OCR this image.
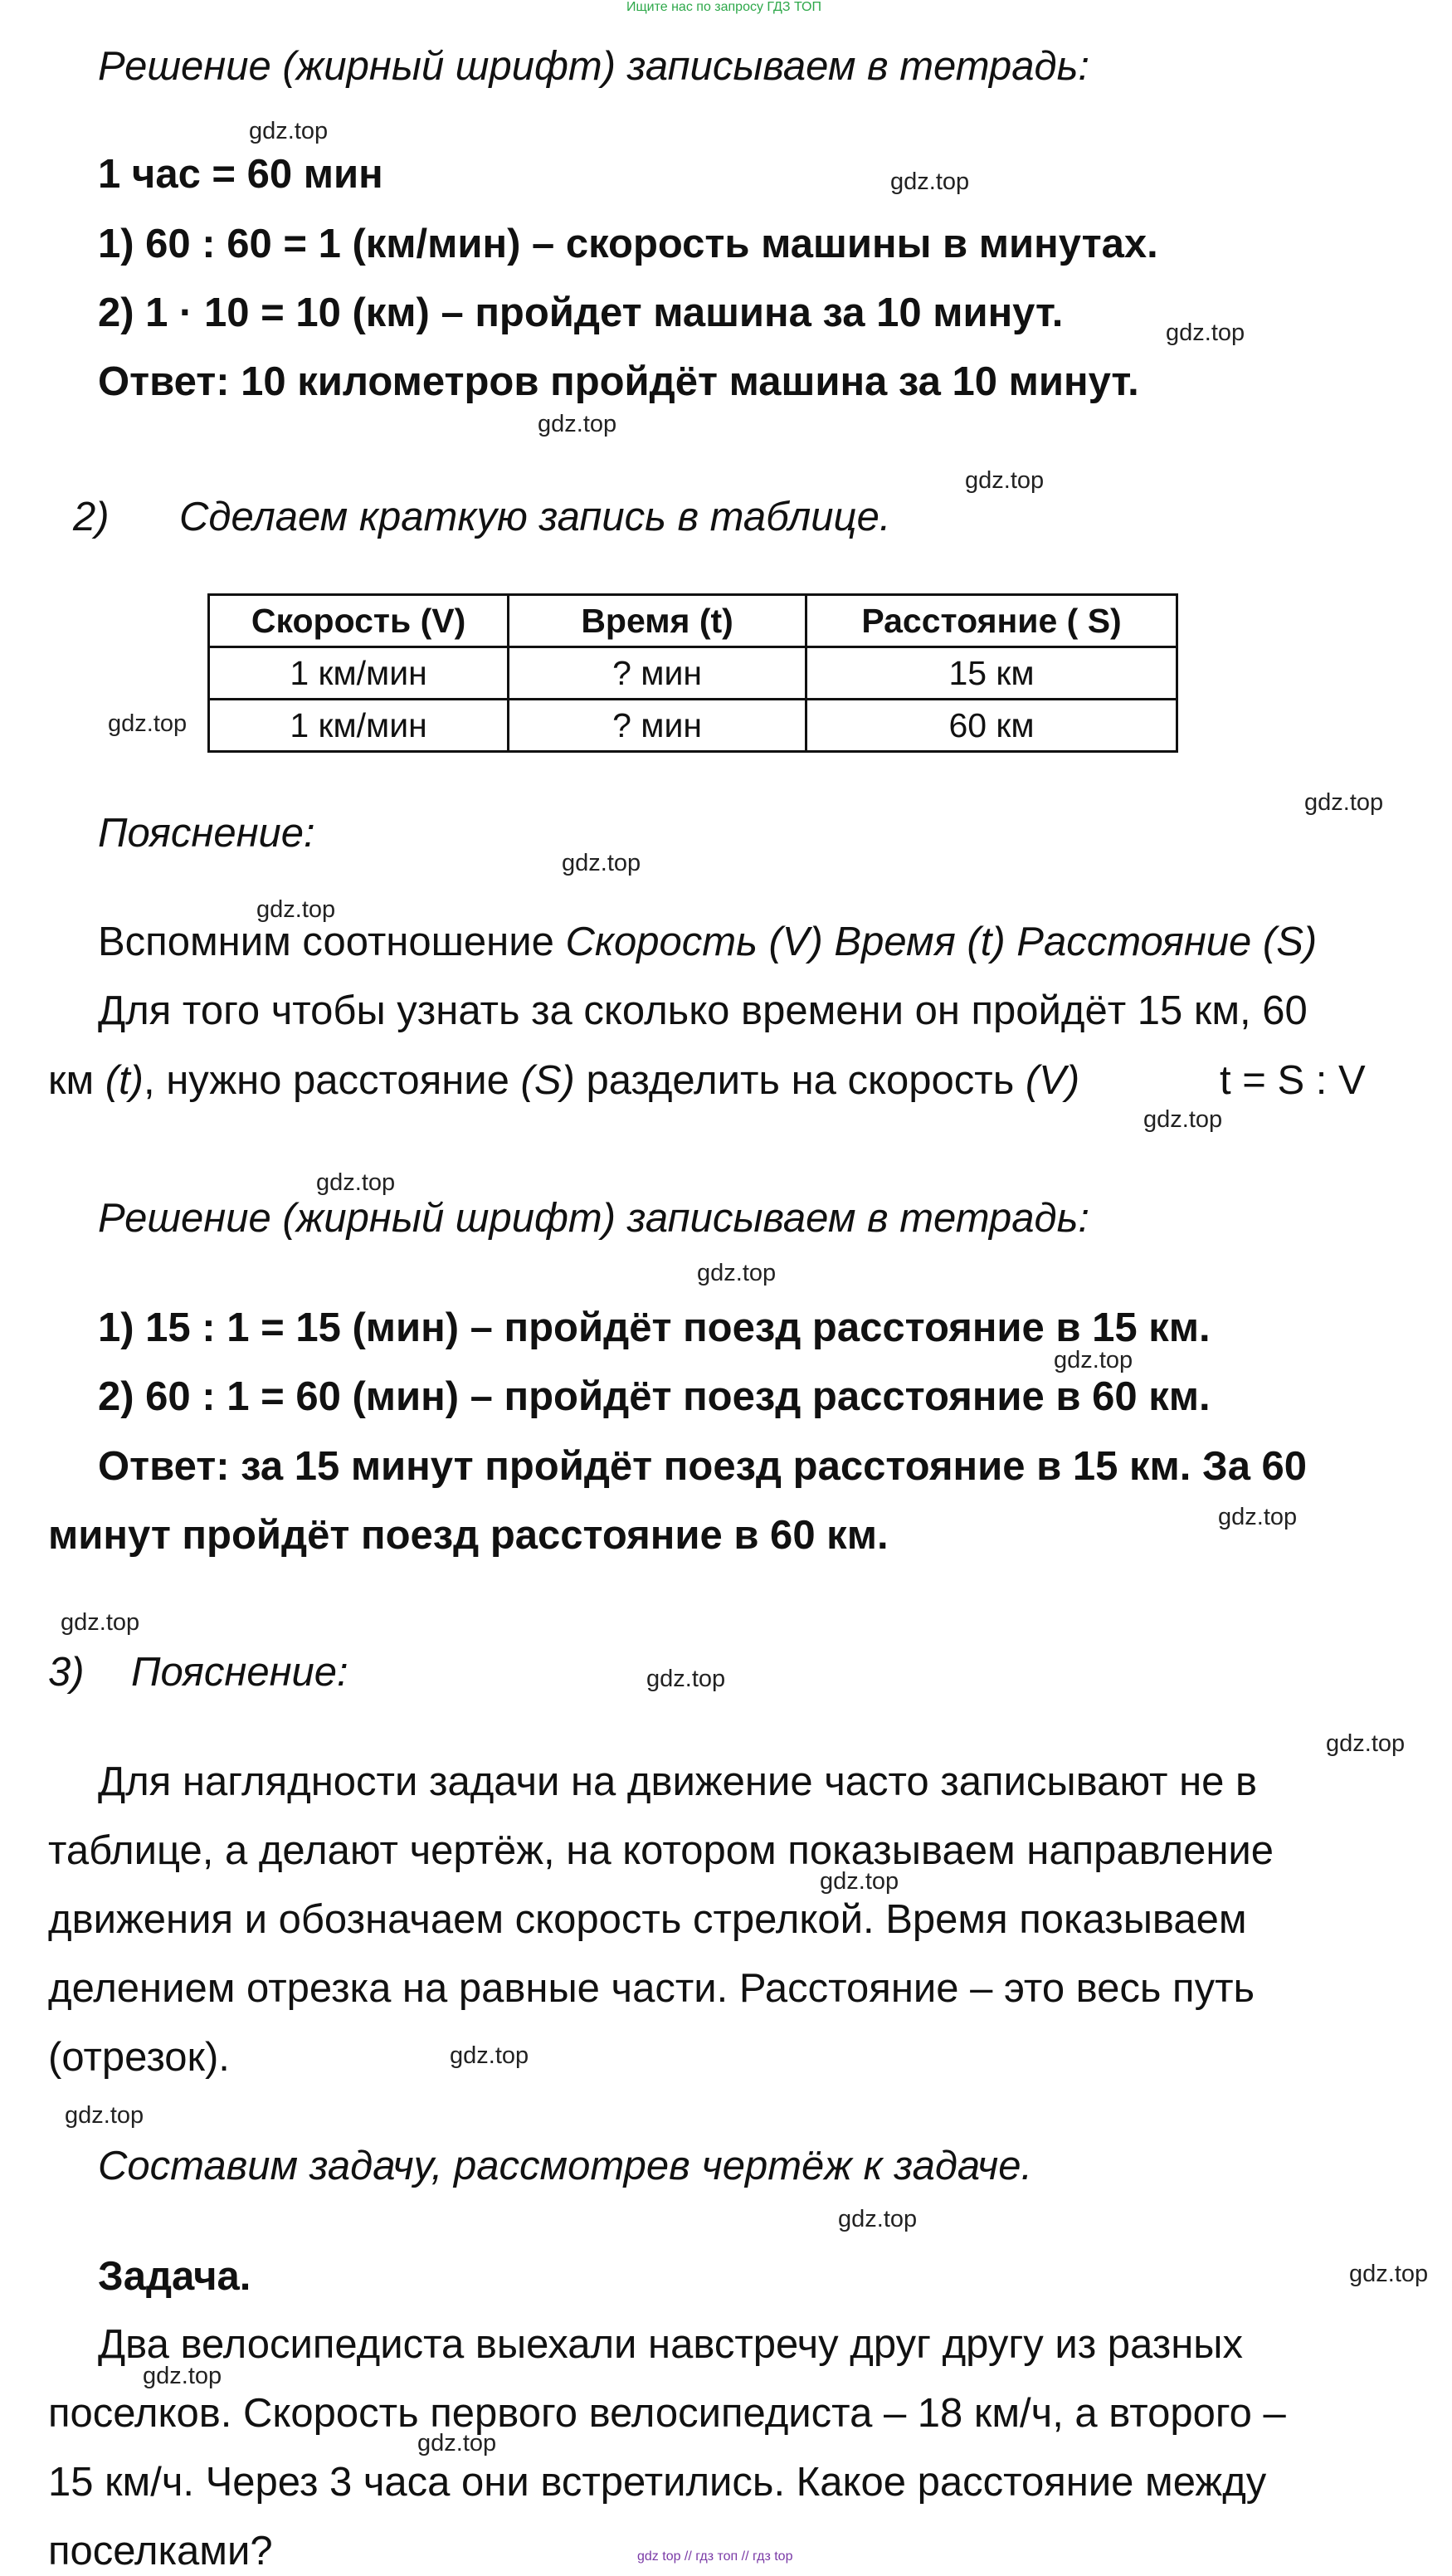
Ищите нас по запросу ГДЗ ТОП
Решение (жирный шрифт) записываем в тетрадь:
1 час = 60 мин
1) 60 : 60 = 1 (км/мин) – скорость машины в минутах.
2) 1 · 10 = 10 (км) – пройдет машина за 10 минут.
Ответ: 10 километров пройдёт машина за 10 минут.
2) Сделаем краткую запись в таблице.
Скорость (V)	Время (t)	Расстояние ( S)
1 км/мин	? мин	15 км
1 км/мин	? мин	60 км
Пояснение:
Вспомним соотношение Скорость (V) Время (t) Расстояние (S)
Для того чтобы узнать за сколько времени он пройдёт 15 км, 60
км (t), нужно расстояние (S) разделить на скорость (V)	t = S : V
Решение (жирный шрифт) записываем в тетрадь:
1) 15 : 1 = 15 (мин) – пройдёт поезд расстояние в 15 км.
2) 60 : 1 = 60 (мин) – пройдёт поезд расстояние в 60 км.
Ответ: за 15 минут пройдёт поезд расстояние в 15 км. За 60
минут пройдёт поезд расстояние в 60 км.
3) Пояснение:
Для наглядности задачи на движение часто записывают не в
таблице, а делают чертёж, на котором показываем направление
движения и обозначаем скорость стрелкой. Время показываем
делением отрезка на равные части. Расстояние – это весь путь
(отрезок).
Составим задачу, рассмотрев чертёж к задаче.
Задача.
Два велосипедиста выехали навстречу друг другу из разных
поселков. Скорость первого велосипедиста – 18 км/ч, а второго –
15 км/ч. Через 3 часа они встретились. Какое расстояние между
поселками?	gdz top // гдз топ // гдз top
gdz.top
gdz.top
gdz.top
gdz.top
gdz.top
gdz.top
gdz.top
gdz.top
gdz.top
gdz.top
gdz.top
gdz.top
gdz.top
gdz.top
gdz.top
gdz.top
gdz.top
gdz.top
gdz.top
gdz.top
gdz.top
gdz.top
gdz.top
gdz.top
